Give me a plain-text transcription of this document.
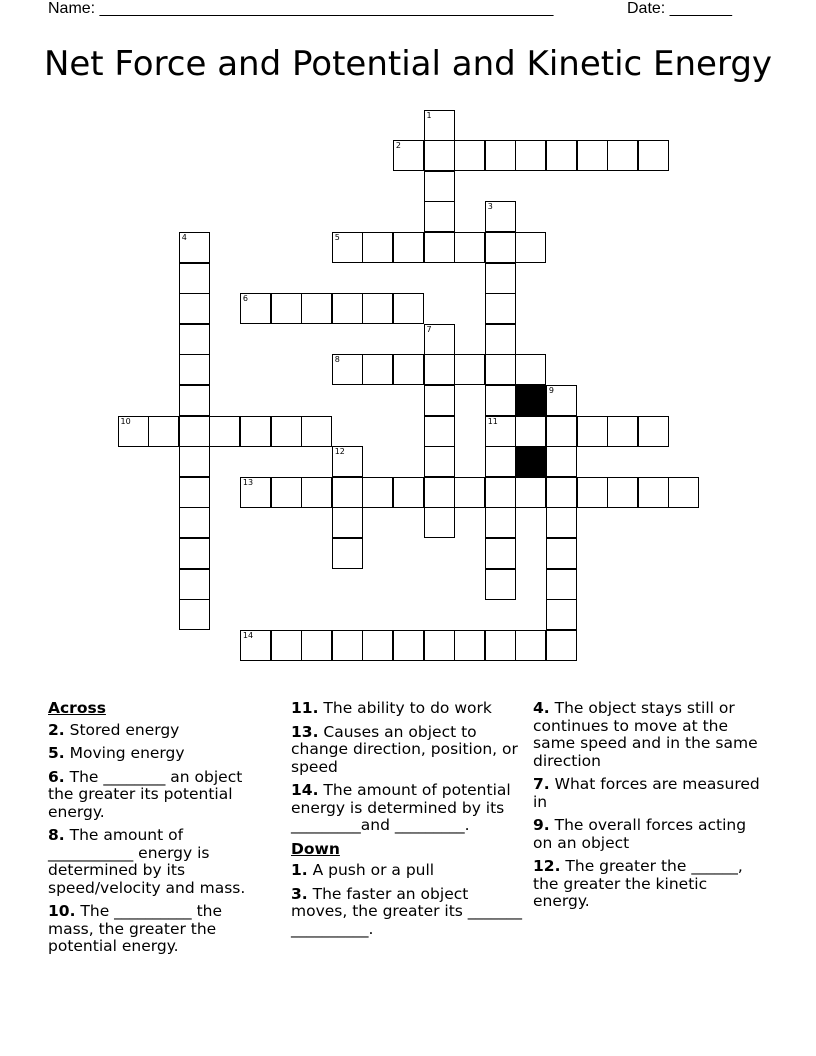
Name: ___________________________________________________	Date: _______
Net Force and Potential and Kinetic Energy
2
5
6
8
10	11
13
14
1
3
4
7
9
12
Across
2. Stored energy
5. Moving energy
6. The ________ an object the greater its potential energy.
8. The amount of ___________ energy is determined by its speed/velocity and mass.
10. The __________ the mass, the greater the potential energy.
11. The ability to do work
13. Causes an object to change direction, position, or speed
14. The amount of potential energy is determined by its _________and _________.
Down
1. A push or a pull
3. The faster an object moves, the greater its _______ __________.
4. The object stays still or continues to move at the same speed and in the same direction
7. What forces are measured in
9. The overall forces acting on an object
12. The greater the ______, the greater the kinetic energy.
